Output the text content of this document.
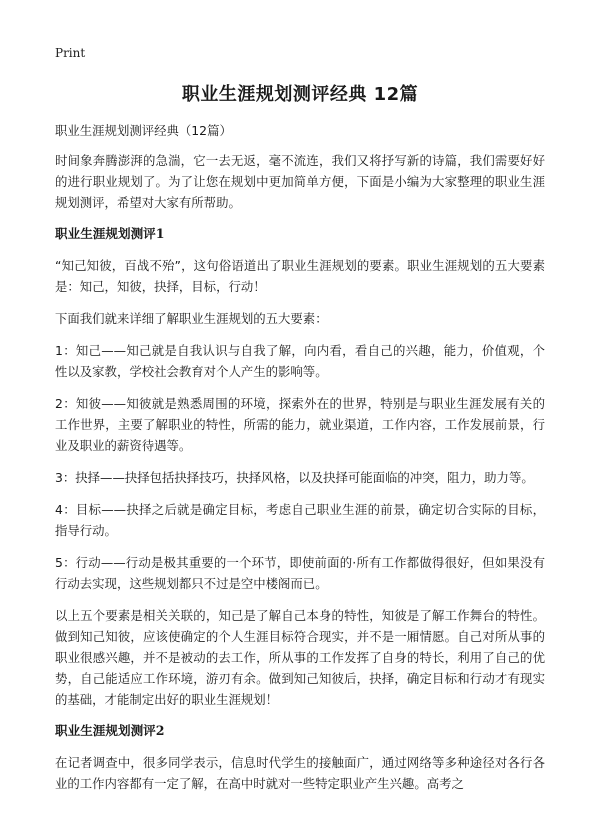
Print
职业生涯规划测评经典 12篇

职业生涯规划测评经典（12篇）

时间象奔腾澎湃的急湍，它一去无返，毫不流连，我们又将抒写新的诗篇，我们需要好好的进行职业规划了。为了让您在规划中更加简单方便，下面是小编为大家整理的职业生涯规划测评，希望对大家有所帮助。

职业生涯规划测评1

“知己知彼，百战不殆”，这句俗语道出了职业生涯规划的要素。职业生涯规划的五大要素是：知己，知彼，抉择，目标，行动！

下面我们就来详细了解职业生涯规划的五大要素：

1：知己——知己就是自我认识与自我了解，向内看，看自己的兴趣，能力，价值观，个性以及家教，学校社会教育对个人产生的影响等。

2：知彼——知彼就是熟悉周围的环境，探索外在的世界，特别是与职业生涯发展有关的工作世界，主要了解职业的特性，所需的能力，就业渠道，工作内容，工作发展前景，行业及职业的薪资待遇等。

3：抉择——抉择包括抉择技巧，抉择风格，以及抉择可能面临的冲突，阻力，助力等。

4：目标——抉择之后就是确定目标，考虑自己职业生涯的前景，确定切合实际的目标，指导行动。

5：行动——行动是极其重要的一个环节，即使前面的·所有工作都做得很好，但如果没有行动去实现，这些规划都只不过是空中楼阁而已。

以上五个要素是相关关联的，知己是了解自己本身的特性，知彼是了解工作舞台的特性。做到知己知彼，应该使确定的个人生涯目标符合现实，并不是一厢情愿。自己对所从事的职业很感兴趣，并不是被动的去工作，所从事的工作发挥了自身的特长，利用了自己的优势，自己能适应工作环境，游刃有余。做到知己知彼后，抉择，确定目标和行动才有现实的基础，才能制定出好的职业生涯规划！

职业生涯规划测评2

在记者调查中，很多同学表示，信息时代学生的接触面广，通过网络等多种途径对各行各业的工作内容都有一定了解，在高中时就对一些特定职业产生兴趣。高考之
